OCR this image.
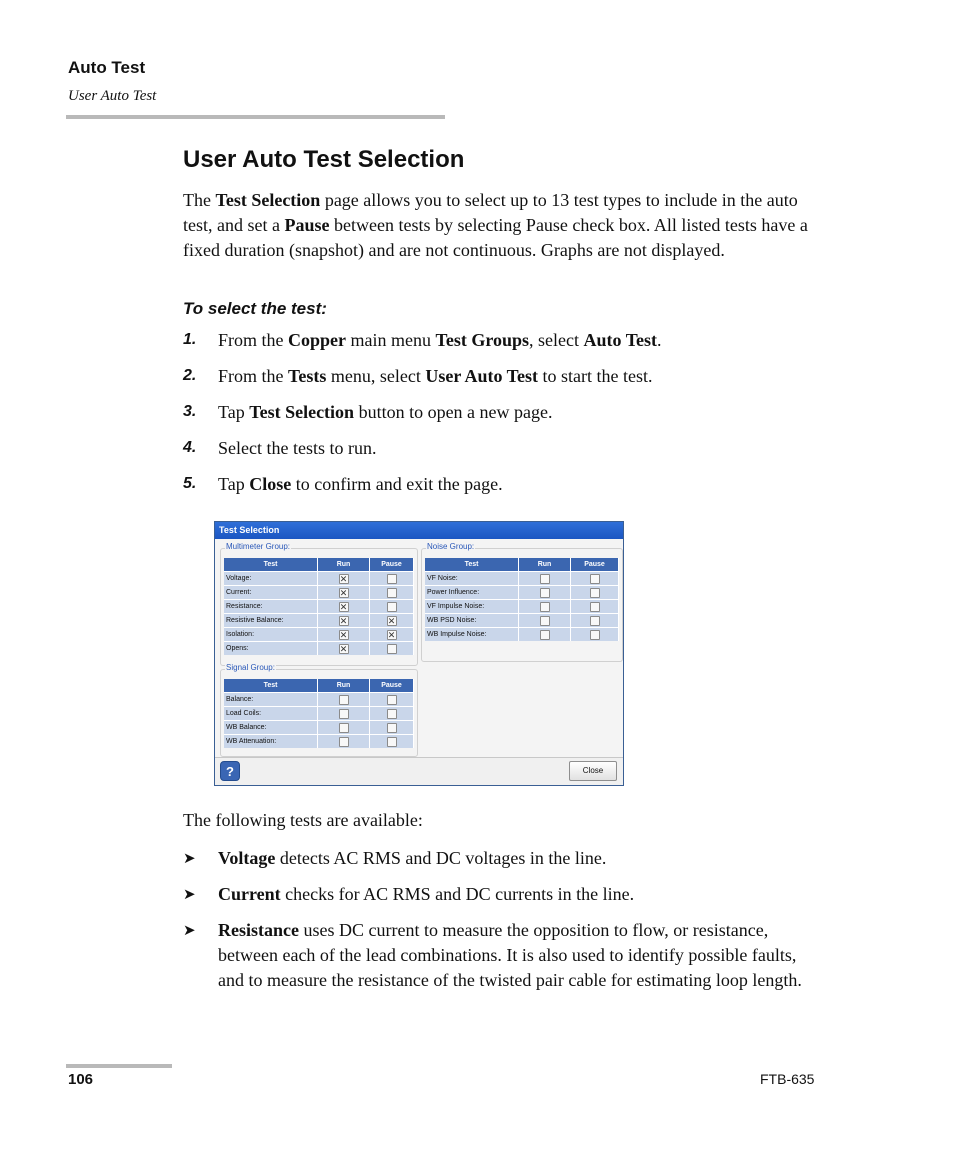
Auto Test
User Auto Test
User Auto Test Selection
The Test Selection page allows you to select up to 13 test types to include in the auto test, and set a Pause between tests by selecting Pause check box. All listed tests have a fixed duration (snapshot) and are not continuous. Graphs are not displayed.
To select the test:
1. From the Copper main menu Test Groups, select Auto Test.
2. From the Tests menu, select User Auto Test to start the test.
3. Tap Test Selection button to open a new page.
4. Select the tests to run.
5. Tap Close to confirm and exit the page.
Test Selection
Multimeter Group:
Test	Run	Pause
Voltage:	✕	
Current:	✕	
Resistance:	✕	
Resistive Balance:	✕	✕
Isolation:	✕	✕
Opens:	✕	
Noise Group:
Test	Run	Pause
VF Noise:		
Power Influence:		
VF Impulse Noise:		
WB PSD Noise:		
WB Impulse Noise:		
Signal Group:
Test	Run	Pause
Balance:		
Load Coils:		
WB Balance:		
WB Attenuation:		
?	Close
The following tests are available:
➤ Voltage detects AC RMS and DC voltages in the line.
➤ Current checks for AC RMS and DC currents in the line.
➤ Resistance uses DC current to measure the opposition to flow, or resistance, between each of the lead combinations. It is also used to identify possible faults, and to measure the resistance of the twisted pair cable for estimating loop length.
106	FTB-635
